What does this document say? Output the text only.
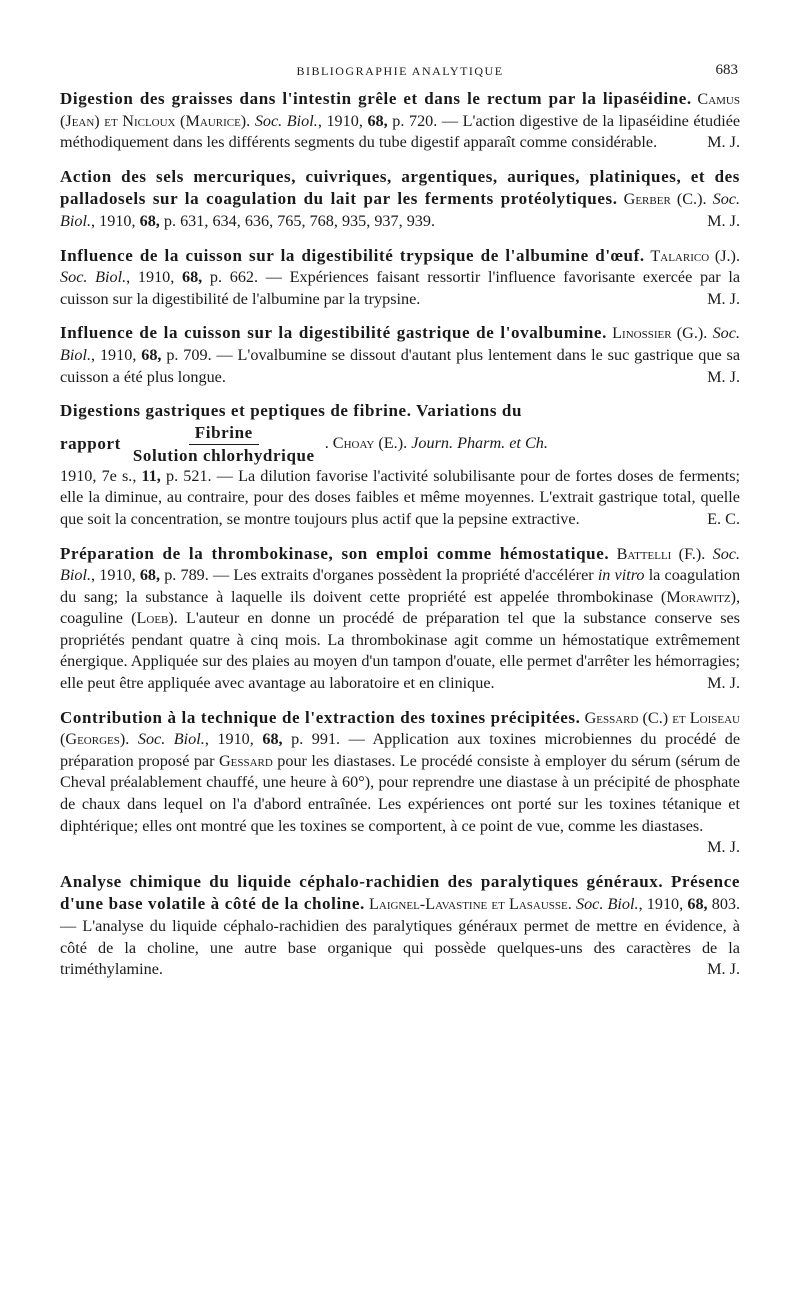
BIBLIOGRAPHIE ANALYTIQUE	683

Digestion des graisses dans l'intestin grêle et dans le rectum par la lipaséidine. Camus (Jean) et Nicloux (Maurice). Soc. Biol., 1910, 68, p. 720. — L'action digestive de la lipaséidine étudiée méthodiquement dans les différents segments du tube digestif apparaît comme considérable.	M. J.

Action des sels mercuriques, cuivriques, argentiques, auriques, platiniques, et des palladosels sur la coagulation du lait par les ferments protéolytiques. Gerber (C.). Soc. Biol., 1910, 68, p. 631, 634, 636, 765, 768, 935, 937, 939.	M. J.

Influence de la cuisson sur la digestibilité trypsique de l'albumine d'œuf. Talarico (J.). Soc. Biol., 1910, 68, p. 662. — Expériences faisant ressortir l'influence favorisante exercée par la cuisson sur la digestibilité de l'albumine par la trypsine.	M. J.

Influence de la cuisson sur la digestibilité gastrique de l'ovalbumine. Linossier (G.). Soc. Biol., 1910, 68, p. 709. — L'ovalbumine se dissout d'autant plus lentement dans le suc gastrique que sa cuisson a été plus longue.	M. J.

Digestions gastriques et peptiques de fibrine. Variations du
rapport $\frac{\text{Fibrine}}{\text{Solution chlorhydrique}}$ .
Choay (E.).
Journ. Pharm. et Ch.
1910, 7e s., 11, p. 521. — La dilution favorise l'activité solubilisante pour de fortes doses de ferments; elle la diminue, au contraire, pour des doses faibles et même moyennes. L'extrait gastrique total, quelle que soit la concentration, se montre toujours plus actif que la pepsine extractive.	E. C.

Préparation de la thrombokinase, son emploi comme hémostatique. Battelli (F.). Soc. Biol., 1910, 68, p. 789. — Les extraits d'organes possèdent la propriété d'accélérer in vitro la coagulation du sang; la substance à laquelle ils doivent cette propriété est appelée thrombokinase (Morawitz), coaguline (Loeb). L'auteur en donne un procédé de préparation tel que la substance conserve ses propriétés pendant quatre à cinq mois. La thrombokinase agit comme un hémostatique extrêmement énergique. Appliquée sur des plaies au moyen d'un tampon d'ouate, elle permet d'arrêter les hémorragies; elle peut être appliquée avec avantage au laboratoire et en clinique.	M. J.

Contribution à la technique de l'extraction des toxines précipitées. Gessard (C.) et Loiseau (Georges). Soc. Biol., 1910, 68, p. 991. — Application aux toxines microbiennes du procédé de préparation proposé par Gessard pour les diastases. Le procédé consiste à employer du sérum (sérum de Cheval préalablement chauffé, une heure à 60°), pour reprendre une diastase à un précipité de phosphate de chaux dans lequel on l'a d'abord entraînée. Les expériences ont porté sur les toxines tétanique et diphtérique; elles ont montré que les toxines se comportent, à ce point de vue, comme les diastases.
M. J.

Analyse chimique du liquide céphalo-rachidien des paralytiques généraux. Présence d'une base volatile à côté de la choline. Laignel-Lavastine et Lasausse. Soc. Biol., 1910, 68, 803. — L'analyse du liquide céphalo-rachidien des paralytiques généraux permet de mettre en évidence, à côté de la choline, une autre base organique qui possède quelques-uns des caractères de la triméthylamine.	M. J.
